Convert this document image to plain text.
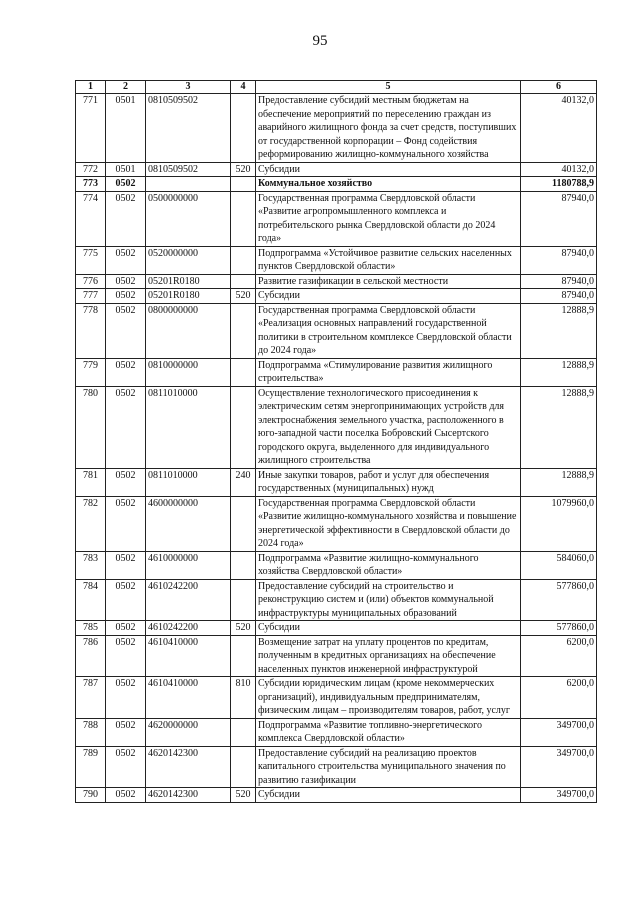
95
1	2	3	4	5	6
771	0501	0810509502		Предоставление субсидий местным бюджетам на обеспечение мероприятий по переселению граждан из аварийного жилищного фонда за счет средств, поступивших от государственной корпорации – Фонд содействия реформированию жилищно-коммунального хозяйства	40132,0
772	0501	0810509502	520	Субсидии	40132,0
773	0502			Коммунальное хозяйство	1180788,9
774	0502	0500000000		Государственная программа Свердловской области «Развитие агропромышленного комплекса и потребительского рынка Свердловской области до 2024 года»	87940,0
775	0502	0520000000		Подпрограмма «Устойчивое развитие сельских населенных пунктов Свердловской области»	87940,0
776	0502	05201R0180		Развитие газификации в сельской местности	87940,0
777	0502	05201R0180	520	Субсидии	87940,0
778	0502	0800000000		Государственная программа Свердловской области «Реализация основных направлений государственной политики в строительном комплексе Свердловской области до 2024 года»	12888,9
779	0502	0810000000		Подпрограмма «Стимулирование развития жилищного строительства»	12888,9
780	0502	0811010000		Осуществление технологического присоединения к электрическим сетям энергопринимающих устройств для электроснабжения земельного участка, расположенного в юго-западной части поселка Бобровский Сысертского городского округа, выделенного для индивидуального жилищного строительства	12888,9
781	0502	0811010000	240	Иные закупки товаров, работ и услуг для обеспечения государственных (муниципальных) нужд	12888,9
782	0502	4600000000		Государственная программа Свердловской области «Развитие жилищно-коммунального хозяйства и повышение энергетической эффективности в Свердловской области до 2024 года»	1079960,0
783	0502	4610000000		Подпрограмма «Развитие жилищно-коммунального хозяйства Свердловской области»	584060,0
784	0502	4610242200		Предоставление субсидий на строительство и реконструкцию систем и (или) объектов коммунальной инфраструктуры муниципальных образований	577860,0
785	0502	4610242200	520	Субсидии	577860,0
786	0502	4610410000		Возмещение затрат на уплату процентов по кредитам, полученным в кредитных организациях на обеспечение населенных пунктов инженерной инфраструктурой	6200,0
787	0502	4610410000	810	Субсидии юридическим лицам (кроме некоммерческих организаций), индивидуальным предпринимателям, физическим лицам – производителям товаров, работ, услуг	6200,0
788	0502	4620000000		Подпрограмма «Развитие топливно-энергетического комплекса Свердловской области»	349700,0
789	0502	4620142300		Предоставление субсидий на реализацию проектов капитального строительства муниципального значения по развитию газификации	349700,0
790	0502	4620142300	520	Субсидии	349700,0
